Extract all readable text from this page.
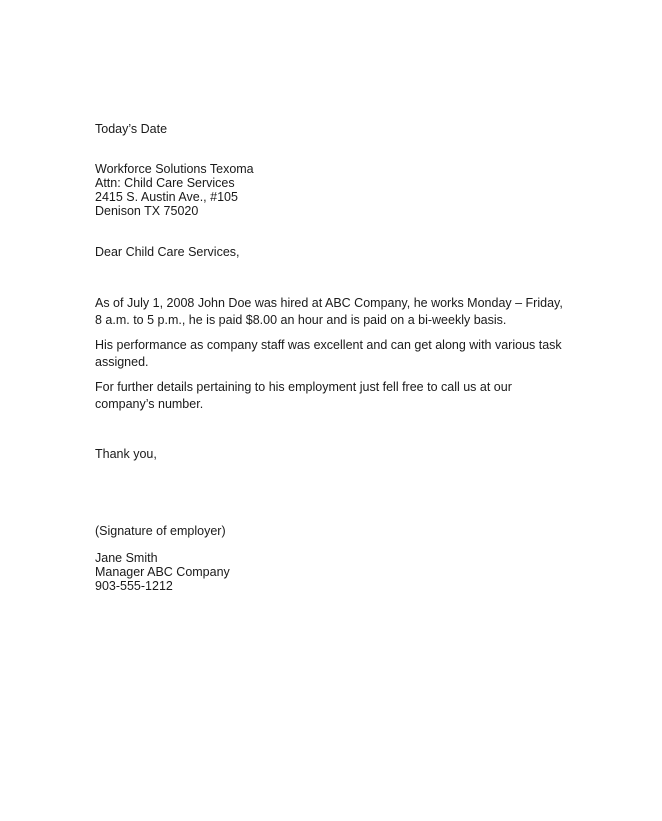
Today’s Date
Workforce Solutions Texoma
Attn: Child Care Services
2415 S. Austin Ave., #105
Denison TX 75020
Dear Child Care Services,
As of July 1, 2008 John Doe was hired at ABC Company, he works Monday – Friday, 8 a.m. to 5 p.m., he is paid $8.00 an hour and is paid on a bi-weekly basis.
His performance as company staff was excellent and can get along with various task assigned.
For further details pertaining to his employment just fell free to call us at our company’s number.
Thank you,
(Signature of employer)
Jane Smith
Manager ABC Company
903-555-1212
